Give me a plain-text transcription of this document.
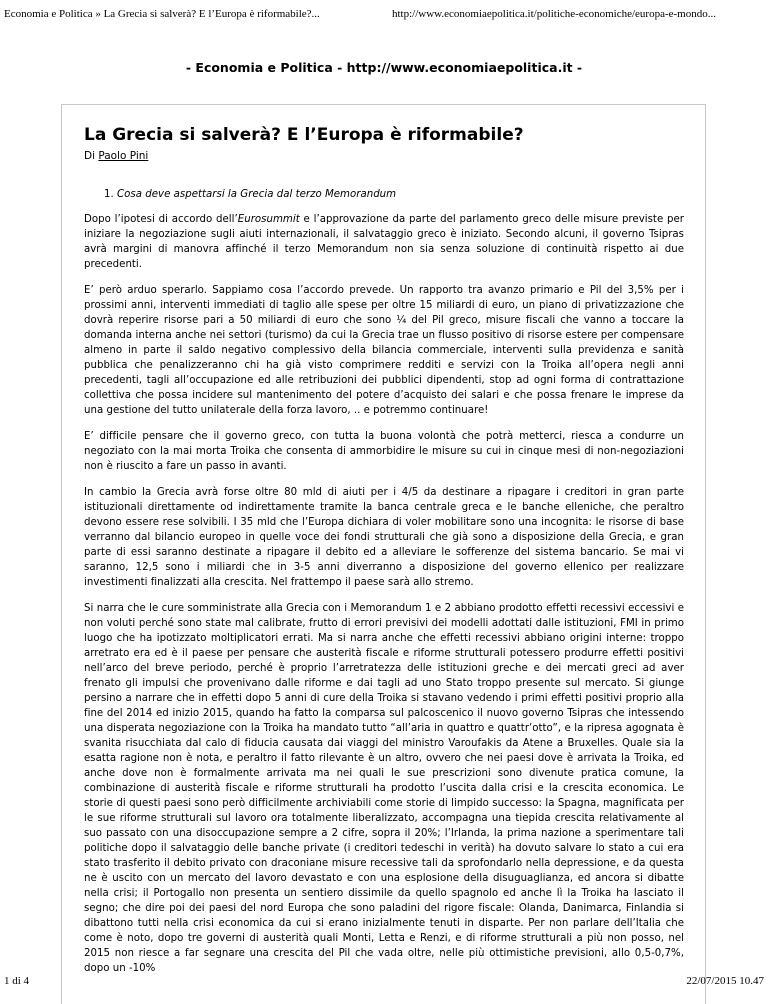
Economia e Politica » La Grecia si salverà? E l’Europa è riformabile?...	http://www.economiaepolitica.it/politiche-economiche/europa-e-mondo...
- Economia e Politica - http://www.economiaepolitica.it -
La Grecia si salverà? E l’Europa è riformabile?
Di Paolo Pini
1. Cosa deve aspettarsi la Grecia dal terzo Memorandum

Dopo l’ipotesi di accordo dell’Eurosummit e l’approvazione da parte del parlamento greco delle misure previste per iniziare la negoziazione sugli aiuti internazionali, il salvataggio greco è iniziato. Secondo alcuni, il governo Tsipras avrà margini di manovra affinché il terzo Memorandum non sia senza soluzione di continuità rispetto ai due precedenti.

E’ però arduo sperarlo. Sappiamo cosa l’accordo prevede. Un rapporto tra avanzo primario e Pil del 3,5% per i prossimi anni, interventi immediati di taglio alle spese per oltre 15 miliardi di euro, un piano di privatizzazione che dovrà reperire risorse pari a 50 miliardi di euro che sono ¼ del Pil greco, misure fiscali che vanno a toccare la domanda interna anche nei settori (turismo) da cui la Grecia trae un flusso positivo di risorse estere per compensare almeno in parte il saldo negativo complessivo della bilancia commerciale, interventi sulla previdenza e sanità pubblica che penalizzeranno chi ha già visto comprimere redditi e servizi con la Troika all’opera negli anni precedenti, tagli all’occupazione ed alle retribuzioni dei pubblici dipendenti, stop ad ogni forma di contrattazione collettiva che possa incidere sul mantenimento del potere d’acquisto dei salari e che possa frenare le imprese da una gestione del tutto unilaterale della forza lavoro, .. e potremmo continuare!

E’ difficile pensare che il governo greco, con tutta la buona volontà che potrà metterci, riesca a condurre un negoziato con la mai morta Troika che consenta di ammorbidire le misure su cui in cinque mesi di non-negoziazioni non è riuscito a fare un passo in avanti.

In cambio la Grecia avrà forse oltre 80 mld di aiuti per i 4/5 da destinare a ripagare i creditori in gran parte istituzionali direttamente od indirettamente tramite la banca centrale greca e le banche elleniche, che peraltro devono essere rese solvibili. I 35 mld che l’Europa dichiara di voler mobilitare sono una incognita: le risorse di base verranno dal bilancio europeo in quelle voce dei fondi strutturali che già sono a disposizione della Grecia, e gran parte di essi saranno destinate a ripagare il debito ed a alleviare le sofferenze del sistema bancario. Se mai vi saranno, 12,5 sono i miliardi che in 3-5 anni diverranno a disposizione del governo ellenico per realizzare investimenti finalizzati alla crescita. Nel frattempo il paese sarà allo stremo.

Si narra che le cure somministrate alla Grecia con i Memorandum 1 e 2 abbiano prodotto effetti recessivi eccessivi e non voluti perché sono state mal calibrate, frutto di errori previsivi dei modelli adottati dalle istituzioni, FMI in primo luogo che ha ipotizzato moltiplicatori errati. Ma si narra anche che effetti recessivi abbiano origini interne: troppo arretrato era ed è il paese per pensare che austerità fiscale e riforme strutturali potessero produrre effetti positivi nell’arco del breve periodo, perché è proprio l’arretratezza delle istituzioni greche e dei mercati greci ad aver frenato gli impulsi che provenivano dalle riforme e dai tagli ad uno Stato troppo presente sul mercato. Si giunge persino a narrare che in effetti dopo 5 anni di cure della Troika si stavano vedendo i primi effetti positivi proprio alla fine del 2014 ed inizio 2015, quando ha fatto la comparsa sul palcoscenico il nuovo governo Tsipras che intessendo una disperata negoziazione con la Troika ha mandato tutto “all’aria in quattro e quattr’otto”, e la ripresa agognata è svanita risucchiata dal calo di fiducia causata dai viaggi del ministro Varoufakis da Atene a Bruxelles. Quale sia la esatta ragione non è nota, e peraltro il fatto rilevante è un altro, ovvero che nei paesi dove è arrivata la Troika, ed anche dove non è formalmente arrivata ma nei quali le sue prescrizioni sono divenute pratica comune, la combinazione di austerità fiscale e riforme strutturali ha prodotto l’uscita dalla crisi e la crescita economica. Le storie di questi paesi sono però difficilmente archiviabili come storie di limpido successo: la Spagna, magnificata per le sue riforme strutturali sul lavoro ora totalmente liberalizzato, accompagna una tiepida crescita relativamente al suo passato con una disoccupazione sempre a 2 cifre, sopra il 20%; l’Irlanda, la prima nazione a sperimentare tali politiche dopo il salvataggio delle banche private (i creditori tedeschi in verità) ha dovuto salvare lo stato a cui era stato trasferito il debito privato con draconiane misure recessive tali da sprofondarlo nella depressione, e da questa ne è uscito con un mercato del lavoro devastato e con una esplosione della disuguaglianza, ed ancora si dibatte nella crisi; il Portogallo non presenta un sentiero dissimile da quello spagnolo ed anche lì la Troika ha lasciato il segno; che dire poi dei paesi del nord Europa che sono paladini del rigore fiscale: Olanda, Danimarca, Finlandia si dibattono tutti nella crisi economica da cui si erano inizialmente tenuti in disparte. Per non parlare dell’Italia che come è noto, dopo tre governi di austerità quali Monti, Letta e Renzi, e di riforme strutturali a più non posso, nel 2015 non riesce a far segnare una crescita del Pil che vada oltre, nelle più ottimistiche previsioni, allo 0,5-0,7%, dopo un -10%

1 di 4	22/07/2015 10.47
